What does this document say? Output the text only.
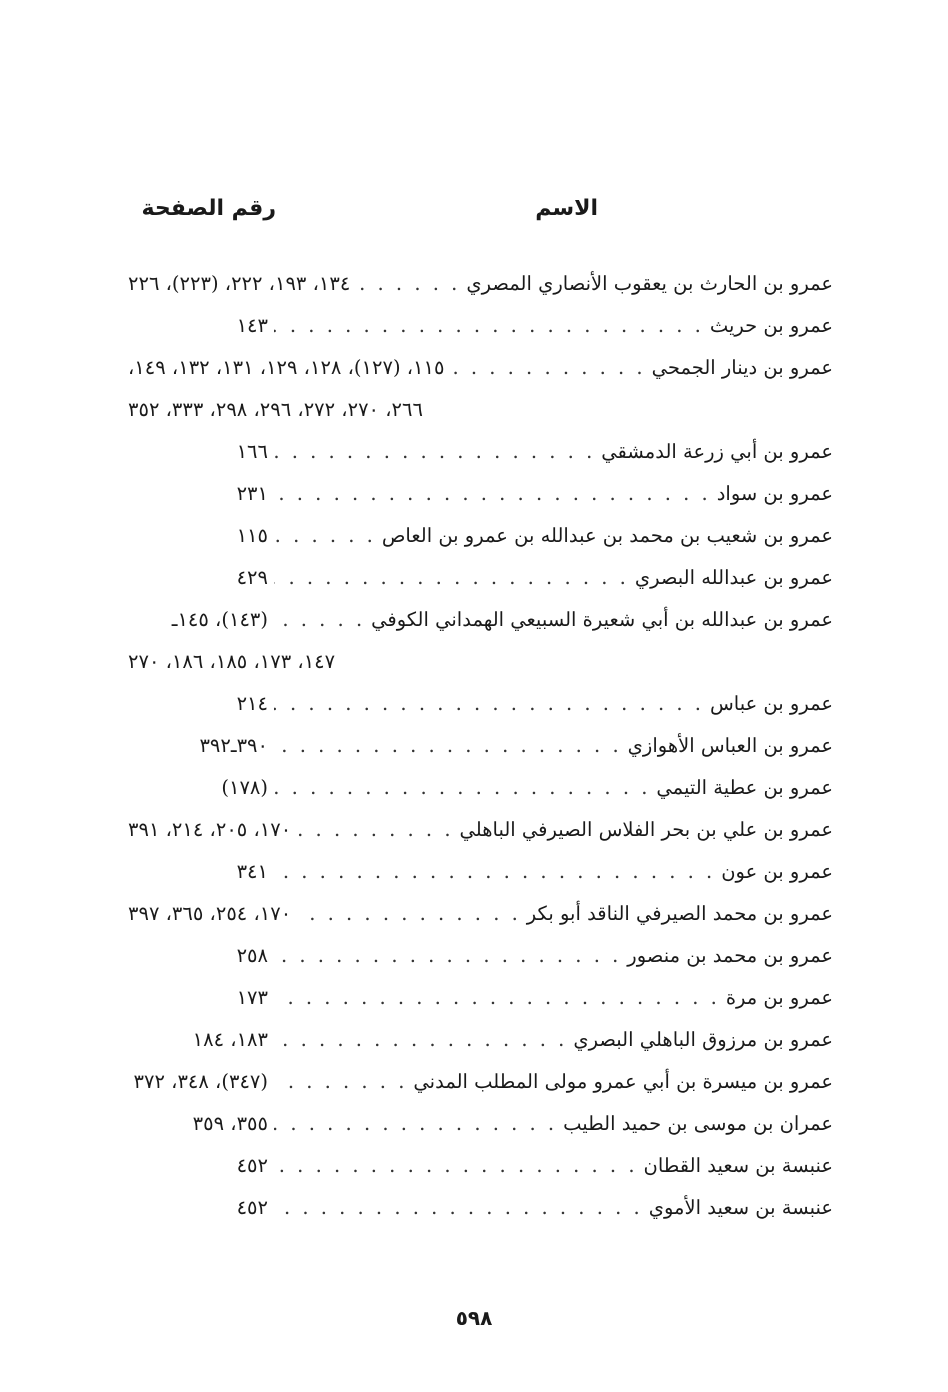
الاسم
رقم الصفحة
عمرو بن الحارث بن يعقوب الأنصاري المصري
. . .
١٣٤، ١٩٣، ٢٢٢، (٢٢٣)، ٢٢٦
عمرو بن حريث
. . .
١٤٣
عمرو بن دينار الجمحي
. . .
١١٥، (١٢٧)، ١٢٨، ١٢٩، ١٣١، ١٣٢، ١٤٩،
٢٦٦، ٢٧٠، ٢٧٢، ٢٩٦، ٢٩٨، ٣٣٣، ٣٥٢
عمرو بن أبي زرعة الدمشقي
. . .
١٦٦
عمرو بن سواد
. . .
٢٣١
عمرو بن شعيب بن محمد بن عبدالله بن عمرو بن العاص
. . .
١١٥
عمرو بن عبدالله البصري
. . .
٤٢٩
عمرو بن عبدالله بن أبي شعيرة السبيعي الهمداني الكوفي
. . .
(١٤٣)، ١٤٥ـ
١٤٧، ١٧٣، ١٨٥، ١٨٦، ٢٧٠
عمرو بن عباس
. . .
٢١٤
عمرو بن العباس الأهوازي
. . .
٣٩٠ـ٣٩٢
عمرو بن عطية التيمي
. . .
(١٧٨)
عمرو بن علي بن بحر الفلاس الصيرفي الباهلي
. . .
١٧٠، ٢٠٥، ٢١٤، ٣٩١
عمرو بن عون
. . .
٣٤١
عمرو بن محمد الصيرفي الناقد أبو بكر
. . .
١٧٠، ٢٥٤، ٣٦٥، ٣٩٧
عمرو بن محمد بن منصور
. . .
٢٥٨
عمرو بن مرة
. . .
١٧٣
عمرو بن مرزوق الباهلي البصري
. . .
١٨٣، ١٨٤
عمرو بن ميسرة بن أبي عمرو مولى المطلب المدني
. . .
(٣٤٧)، ٣٤٨، ٣٧٢
عمران بن موسى بن حميد الطيب
. . .
٣٥٥، ٣٥٩
عنبسة بن سعيد القطان
. . .
٤٥٢
عنبسة بن سعيد الأموي
. . .
٤٥٢
٥٩٨
